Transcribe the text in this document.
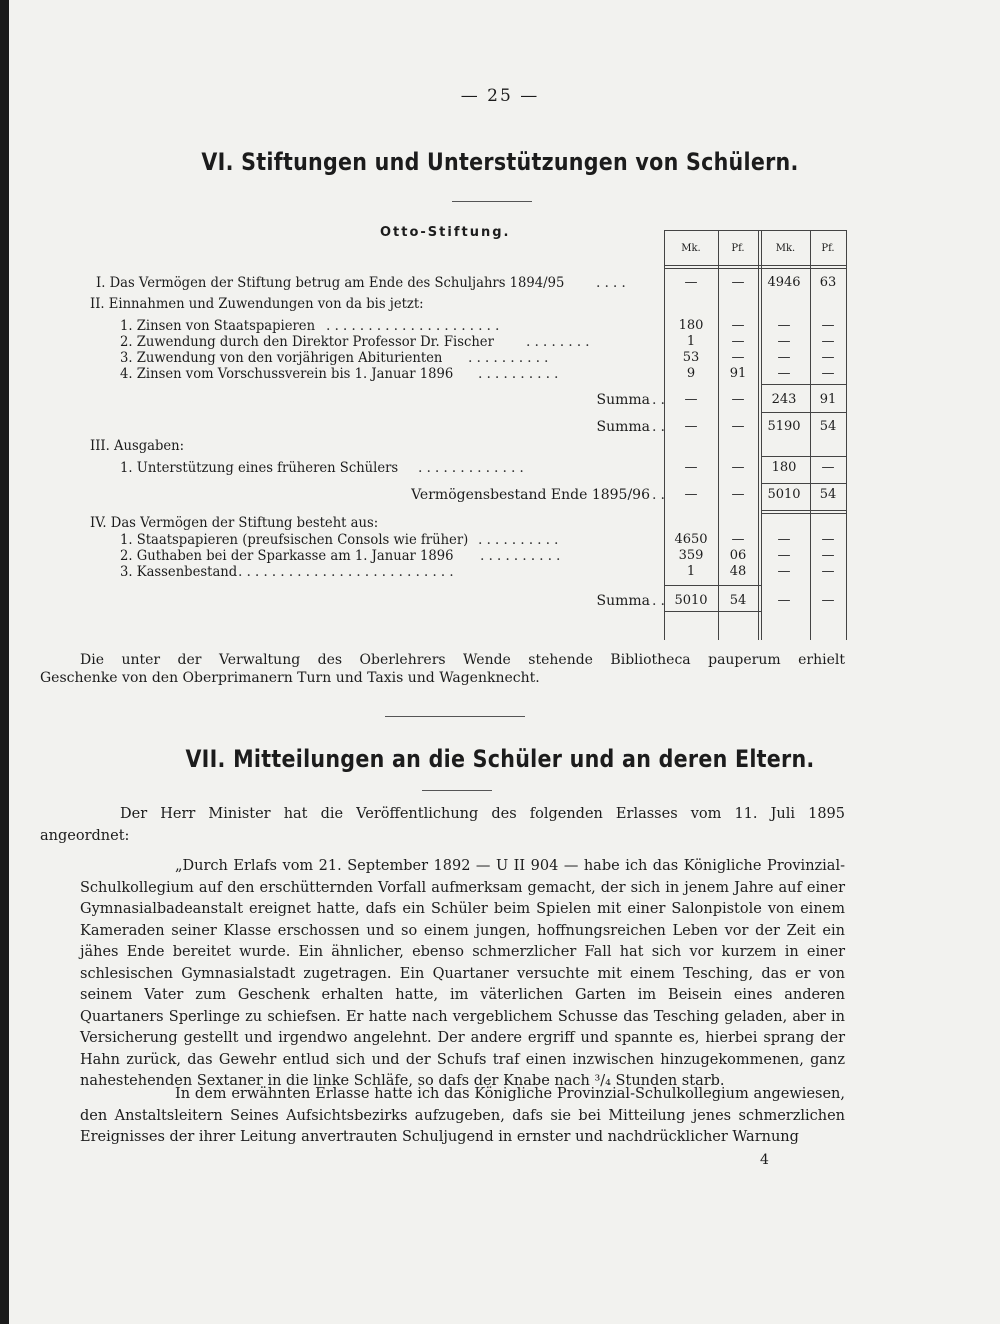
— 25 —
VI. Stiftungen und Unterstützungen von Schülern.
Otto-Stiftung.
Mk.	Pf.	Mk.	Pf.
I. Das Vermögen der Stiftung betrug am Ende des Schuljahrs 1894/95 ....	—	—	4946	63
II. Einnahmen und Zuwendungen von da bis jetzt:
1. Zinsen von Staatspapieren .....................	180	—	—	—
2. Zuwendung durch den Direktor Professor Dr. Fischer ........	1	—	—	—
3. Zuwendung von den vorjährigen Abiturienten ..........	53	—	—	—
4. Zinsen vom Vorschussverein bis 1. Januar 1896 ..........	9	91	—	—
Summa ..	—	—	243	91
Summa ..	—	—	5190	54
III. Ausgaben:
1. Unterstützung eines früheren Schülers .............	—	—	180	—
Vermögensbestand Ende 1895/96 ..	—	—	5010	54
IV. Das Vermögen der Stiftung besteht aus:
1. Staatspapieren (preufsischen Consols wie früher) ..........	4650	—	—	—
2. Guthaben bei der Sparkasse am 1. Januar 1896 ..........	359	06	—	—
3. Kassenbestand ..........................	1	48	—	—
Summa .. 5010	54	—	—
Die unter der Verwaltung des Oberlehrers Wende stehende Bibliotheca pauperum erhielt
Geschenke von den Oberprimanern Turn und Taxis und Wagenknecht.
VII. Mitteilungen an die Schüler und an deren Eltern.
Der Herr Minister hat die Veröffentlichung des folgenden Erlasses vom 11. Juli 1895
angeordnet:

„Durch Erlafs vom 21. September 1892 — U II 904 — habe ich das Königliche Provinzial-Schulkollegium auf den erschütternden Vorfall aufmerksam gemacht, der sich in jenem Jahre auf einer Gymnasialbadeanstalt ereignet hatte, dafs ein Schüler beim Spielen mit einer Salonpistole von einem Kameraden seiner Klasse erschossen und so einem jungen, hoffnungsreichen Leben vor der Zeit ein jähes Ende bereitet wurde. Ein ähnlicher, ebenso schmerzlicher Fall hat sich vor kurzem in einer schlesischen Gymnasialstadt zugetragen. Ein Quartaner versuchte mit einem Tesching, das er von seinem Vater zum Geschenk erhalten hatte, im väterlichen Garten im Beisein eines anderen Quartaners Sperlinge zu schiefsen. Er hatte nach vergeblichem Schusse das Tesching geladen, aber in Versicherung gestellt und irgendwo angelehnt. Der andere ergriff und spannte es, hierbei sprang der Hahn zurück, das Gewehr entlud sich und der Schufs traf einen inzwischen hinzugekommenen, ganz nahestehenden Sextaner in die linke Schläfe, so dafs der Knabe nach ³/₄ Stunden starb.

In dem erwähnten Erlasse hatte ich das Königliche Provinzial-Schulkollegium angewiesen, den Anstaltsleitern Seines Aufsichtsbezirks aufzugeben, dafs sie bei Mitteilung jenes schmerzlichen Ereignisses der ihrer Leitung anvertrauten Schuljugend in ernster und nachdrücklicher Warnung

4
